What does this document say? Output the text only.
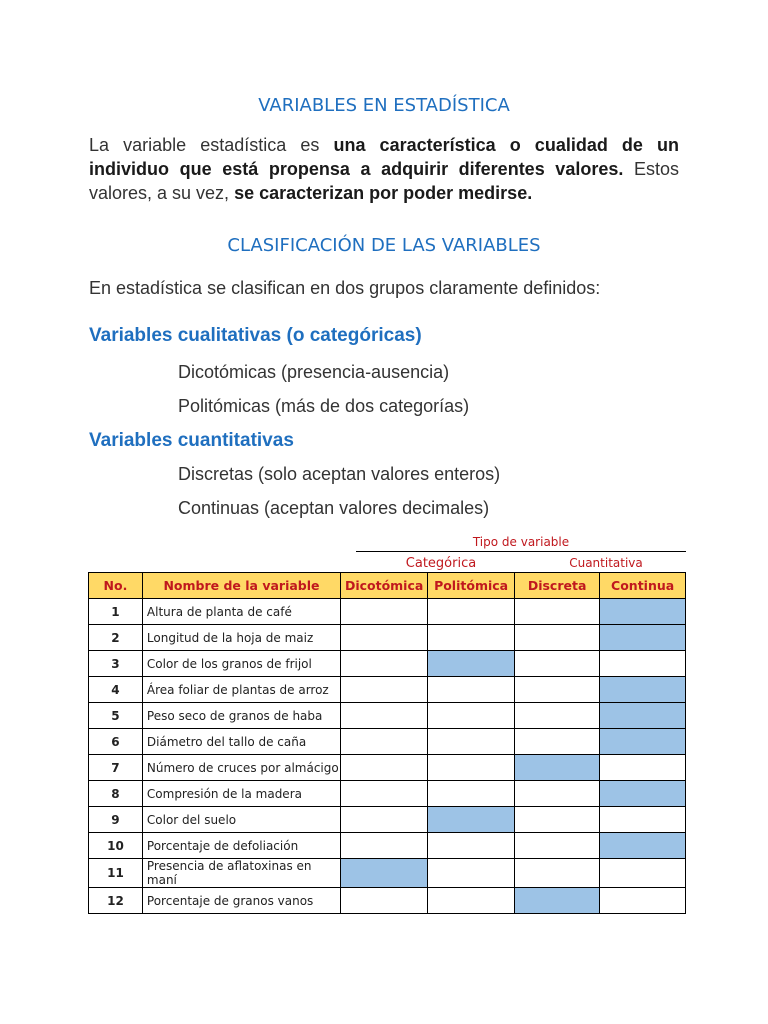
VARIABLES EN ESTADÍSTICA
La variable estadística es una característica o cualidad de un individuo que está propensa a adquirir diferentes valores. Estos valores, a su vez, se caracterizan por poder medirse.
CLASIFICACIÓN DE LAS VARIABLES
En estadística se clasifican en dos grupos claramente definidos:
Variables cualitativas (o categóricas)
Dicotómicas (presencia-ausencia)
Politómicas (más de dos categorías)
Variables cuantitativas
Discretas (solo aceptan valores enteros)
Continuas (aceptan valores decimales)
Tipo de variable
Categórica	Cuantitativa
No.	Nombre de la variable	Dicotómica	Politómica	Discreta	Continua
1	Altura de planta de café				
2	Longitud de la hoja de maiz				
3	Color de los granos de frijol				
4	Área foliar de plantas de arroz				
5	Peso seco de granos de haba				
6	Diámetro del tallo de caña				
7	Número de cruces por almácigo				
8	Compresión de la madera				
9	Color del suelo				
10	Porcentaje de defoliación				
11	Presencia de aflatoxinas en maní				
12	Porcentaje de granos vanos				
